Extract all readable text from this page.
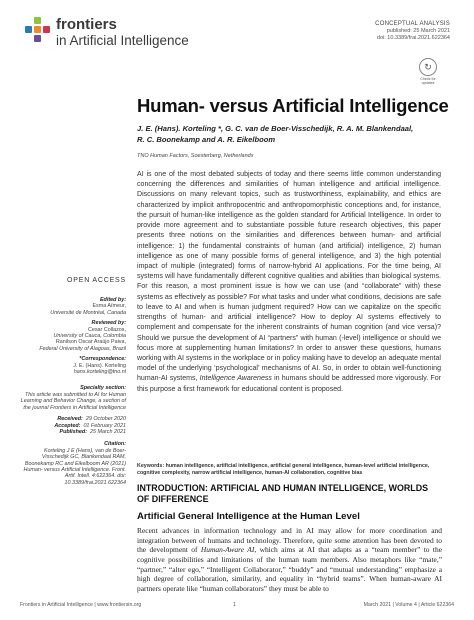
frontiers
in Artificial Intelligence
CONCEPTUAL ANALYSIS
published: 25 March 2021
doi: 10.3389/frai.2021.622364
↻
Check for updates
Human- versus Artificial Intelligence
J. E. (Hans). Korteling *, G. C. van de Boer-Visschedijk, R. A. M. Blankendaal,
R. C. Boonekamp and A. R. Eikelboom
TNO Human Factors, Soesterberg, Netherlands
AI is one of the most debated subjects of today and there seems little common understanding concerning the differences and similarities of human intelligence and artificial intelligence. Discussions on many relevant topics, such as trustworthiness, explainability, and ethics are characterized by implicit anthropocentric and anthropomorphistic conceptions and, for instance, the pursuit of human-like intelligence as the golden standard for Artificial Intelligence. In order to provide more agreement and to substantiate possible future research objectives, this paper presents three notions on the similarities and differences between human- and artificial intelligence: 1) the fundamental constraints of human (and artificial) intelligence, 2) human intelligence as one of many possible forms of general intelligence, and 3) the high potential impact of multiple (integrated) forms of narrow-hybrid AI applications. For the time being, AI systems will have fundamentally different cognitive qualities and abilities than biological systems. For this reason, a most prominent issue is how we can use (and “collaborate” with) these systems as effectively as possible? For what tasks and under what conditions, decisions are safe to leave to AI and when is human judgment required? How can we capitalize on the specific strengths of human- and artificial intelligence? How to deploy AI systems effectively to complement and compensate for the inherent constraints of human cognition (and vice versa)? Should we pursue the development of AI “partners” with human (-level) intelligence or should we focus more at supplementing human limitations? In order to answer these questions, humans working with AI systems in the workplace or in policy making have to develop an adequate mental model of the underlying ‘psychological’ mechanisms of AI. So, in order to obtain well-functioning human-AI systems, Intelligence Awareness in humans should be addressed more vigorously. For this purpose a first framework for educational content is proposed.
Keywords: human intelligence, artificial intelligence, artificial general intelligence, human-level artificial intelligence, cognitive complexity, narrow artificial intelligence, human-AI collaboration, cognitive bias
OPEN ACCESS
Edited by:
Esma Aïmeur,
Université de Montréal, Canada
Reviewed by:
Cesar Collazos,
University of Cauca, Colombia
Ranilson Oscar Araújo Paiva,
Federal University of Alagoas, Brazil
*Correspondence:
J. E. (Hans). Korteling
hans.korteling@tno.nl
Specialty section:
This article was submitted to AI for Human Learning and Behavior Change, a section of the journal Frontiers in Artificial Intelligence
Received: 29 October 2020
Accepted: 01 February 2021
Published: 25 March 2021
Citation:
Korteling J E (Hans), van de Boer-Visschedijk GC, Blankendaal RAM, Boonekamp RC and Eikelboom AR (2021) Human- versus Artificial Intelligence. Front. Artif. Intell. 4:622364. doi: 10.3389/frai.2021.622364
INTRODUCTION: ARTIFICIAL AND HUMAN INTELLIGENCE, WORLDS OF DIFFERENCE
Artificial General Intelligence at the Human Level
Recent advances in information technology and in AI may allow for more coordination and integration between of humans and technology. Therefore, quite some attention has been devoted to the development of Human-Aware AI, which aims at AI that adapts as a “team member” to the cognitive possibilities and limitations of the human team members. Also metaphors like “mate,” “partner,” “alter ego,” “Intelligent Collaborator,” “buddy” and “mutual understanding” emphasize a high degree of collaboration, similarity, and equality in “hybrid teams”. When human-aware AI partners operate like “human collaborators” they must be able to
Frontiers in Artificial Intelligence | www.frontiersin.org	1	March 2021 | Volume 4 | Article 622364
